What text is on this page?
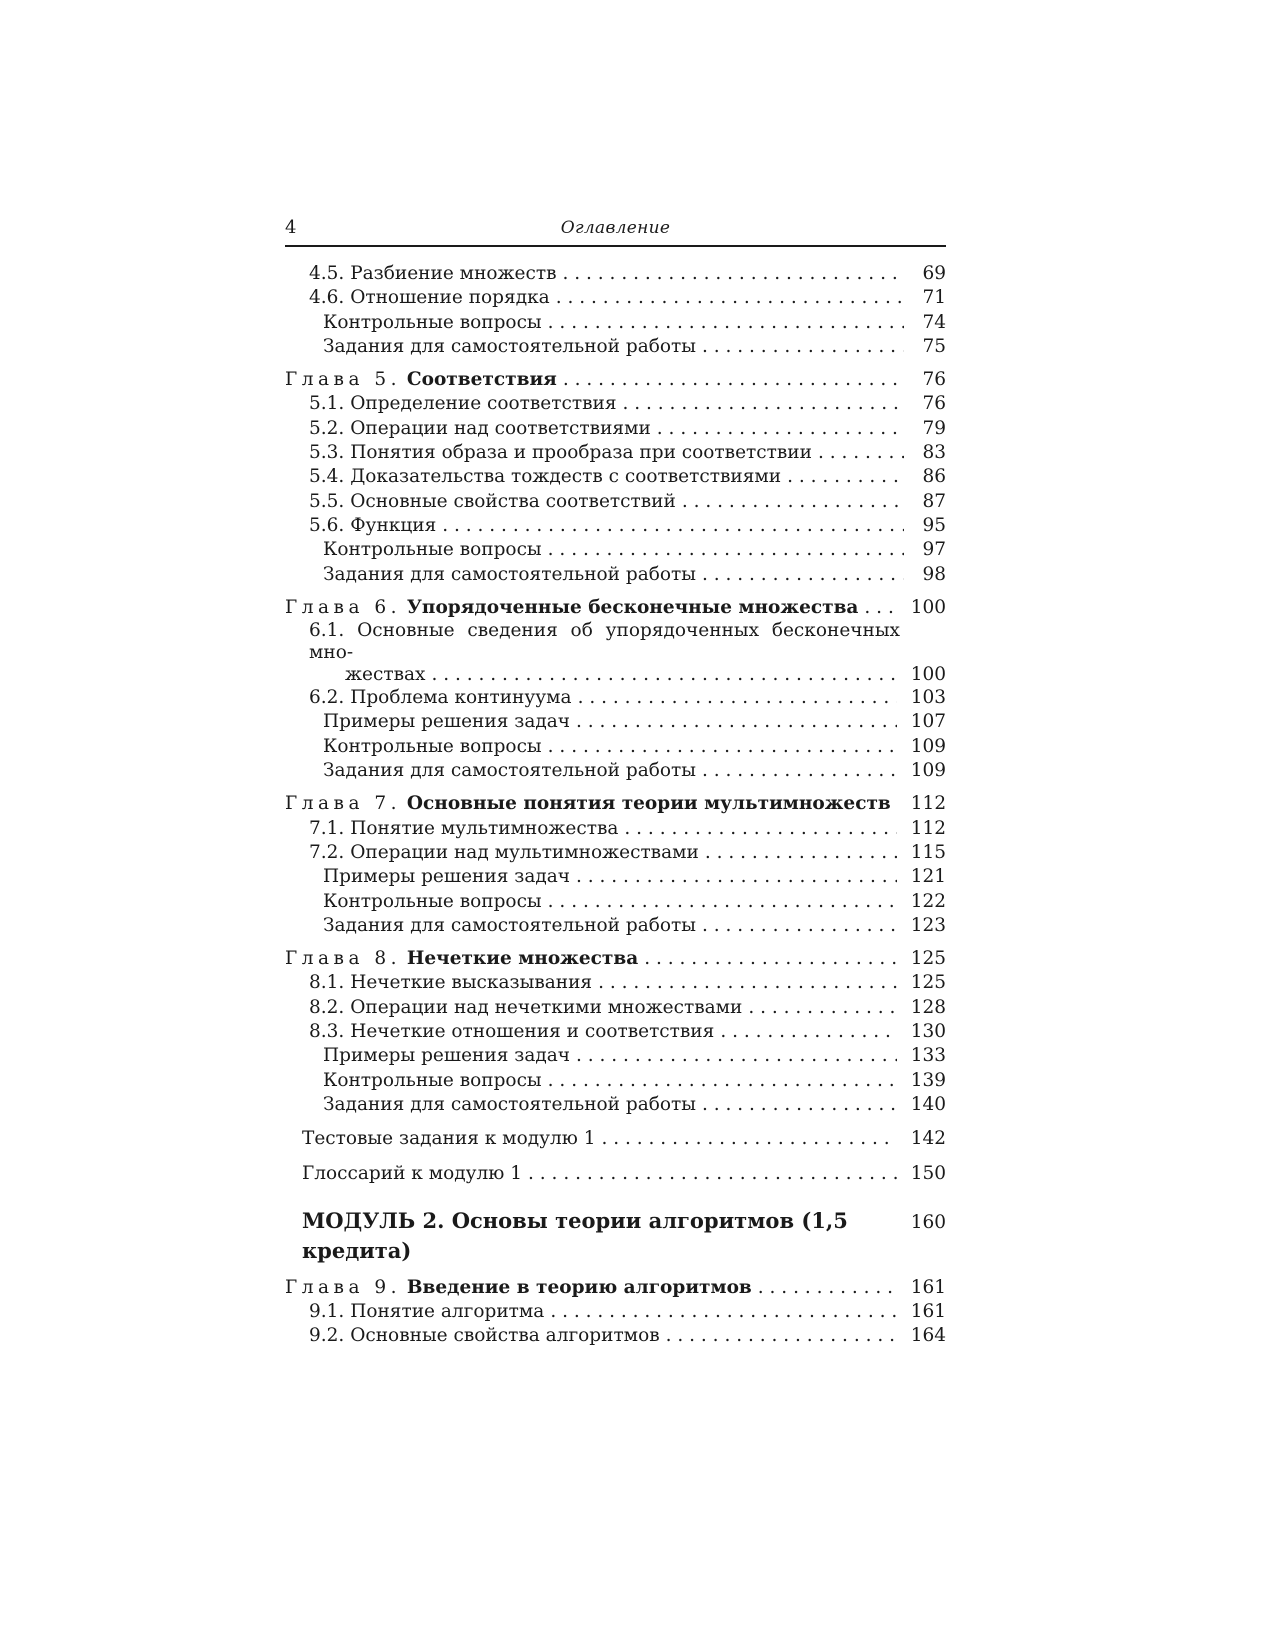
4	Оглавление
4.5. Разбиение множеств . . .	69
4.6. Отношение порядка . . .	71
Контрольные вопросы . . .	74
Задания для самостоятельной работы . . .	75
Глава 5. Соответствия . . .	76
5.1. Определение соответствия . . .	76
5.2. Операции над соответствиями . . .	79
5.3. Понятия образа и прообраза при соответствии . . .	83
5.4. Доказательства тождеств с соответствиями . . .	86
5.5. Основные свойства соответствий . . .	87
5.6. Функция . . .	95
Контрольные вопросы . . .	97
Задания для самостоятельной работы . . .	98
Глава 6. Упорядоченные бесконечные множества . . .	100
6.1. Основные сведения об упорядоченных бесконечных мно-
жествах . . .	100
6.2. Проблема континуума . . .	103
Примеры решения задач . . .	107
Контрольные вопросы . . .	109
Задания для самостоятельной работы . . .	109
Глава 7. Основные понятия теории мультимножеств 112
7.1. Понятие мультимножества . . .	112
7.2. Операции над мультимножествами . . .	115
Примеры решения задач . . .	121
Контрольные вопросы . . .	122
Задания для самостоятельной работы . . .	123
Глава 8. Нечеткие множества . . .	125
8.1. Нечеткие высказывания . . .	125
8.2. Операции над нечеткими множествами . . .	128
8.3. Нечеткие отношения и соответствия . . .	130
Примеры решения задач . . .	133
Контрольные вопросы . . .	139
Задания для самостоятельной работы . . .	140
Тестовые задания к модулю 1 . . .	142
Глоссарий к модулю 1 . . .	150
МОДУЛЬ 2. Основы теории алгоритмов (1,5 кредита)
160
Глава 9. Введение в теорию алгоритмов . . .	161
9.1. Понятие алгоритма . . .	161
9.2. Основные свойства алгоритмов . . .	164
